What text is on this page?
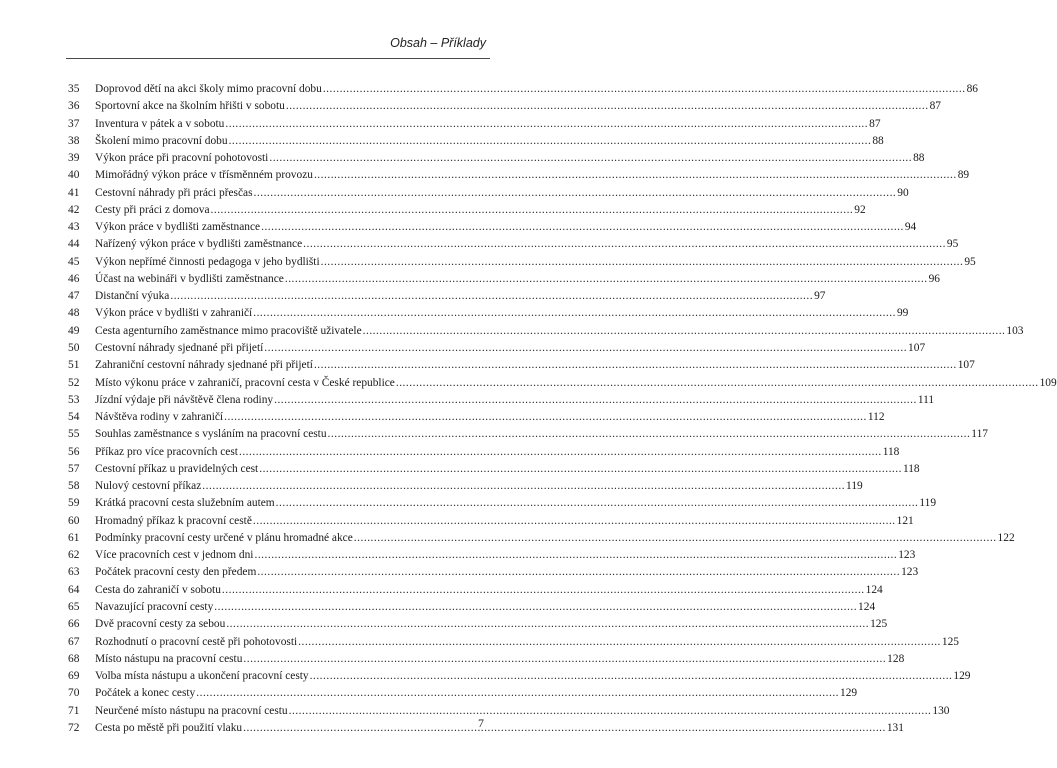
Obsah – Příklady
35	Doprovod dětí na akci školy mimo pracovní dobu .....	86
36	Sportovní akce na školním hřišti v sobotu .....	87
37	Inventura v pátek a v sobotu .....	87
38	Školení mimo pracovní dobu .....	88
39	Výkon práce při pracovní pohotovosti .....	88
40	Mimořádný výkon práce v třísměnném provozu .....	89
41	Cestovní náhrady při práci přesčas .....	90
42	Cesty při práci z domova .....	92
43	Výkon práce v bydlišti zaměstnance .....	94
44	Nařízený výkon práce v bydlišti zaměstnance .....	95
45	Výkon nepřímé činnosti pedagoga v jeho bydlišti .....	95
46	Účast na webináři v bydlišti zaměstnance .....	96
47	Distanční výuka .....	97
48	Výkon práce v bydlišti v zahraničí .....	99
49	Cesta agenturního zaměstnance mimo pracoviště uživatele .....	103
50	Cestovní náhrady sjednané při přijetí .....	107
51	Zahraniční cestovní náhrady sjednané při přijetí .....	107
52	Místo výkonu práce v zahraničí, pracovní cesta v České republice .....	109
53	Jízdní výdaje při návštěvě člena rodiny .....	111
54	Návštěva rodiny v zahraničí .....	112
55	Souhlas zaměstnance s vysláním na pracovní cestu .....	117
56	Příkaz pro více pracovních cest .....	118
57	Cestovní příkaz u pravidelných cest .....	118
58	Nulový cestovní příkaz .....	119
59	Krátká pracovní cesta služebním autem .....	119
60	Hromadný příkaz k pracovní cestě .....	121
61	Podmínky pracovní cesty určené v plánu hromadné akce .....	122
62	Více pracovních cest v jednom dni .....	123
63	Počátek pracovní cesty den předem .....	123
64	Cesta do zahraničí v sobotu .....	124
65	Navazující pracovní cesty .....	124
66	Dvě pracovní cesty za sebou .....	125
67	Rozhodnutí o pracovní cestě při pohotovosti .....	125
68	Místo nástupu na pracovní cestu .....	128
69	Volba místa nástupu a ukončení pracovní cesty .....	129
70	Počátek a konec cesty .....	129
71	Neurčené místo nástupu na pracovní cestu .....	130
72	Cesta po městě při použití vlaku .....	131
7
